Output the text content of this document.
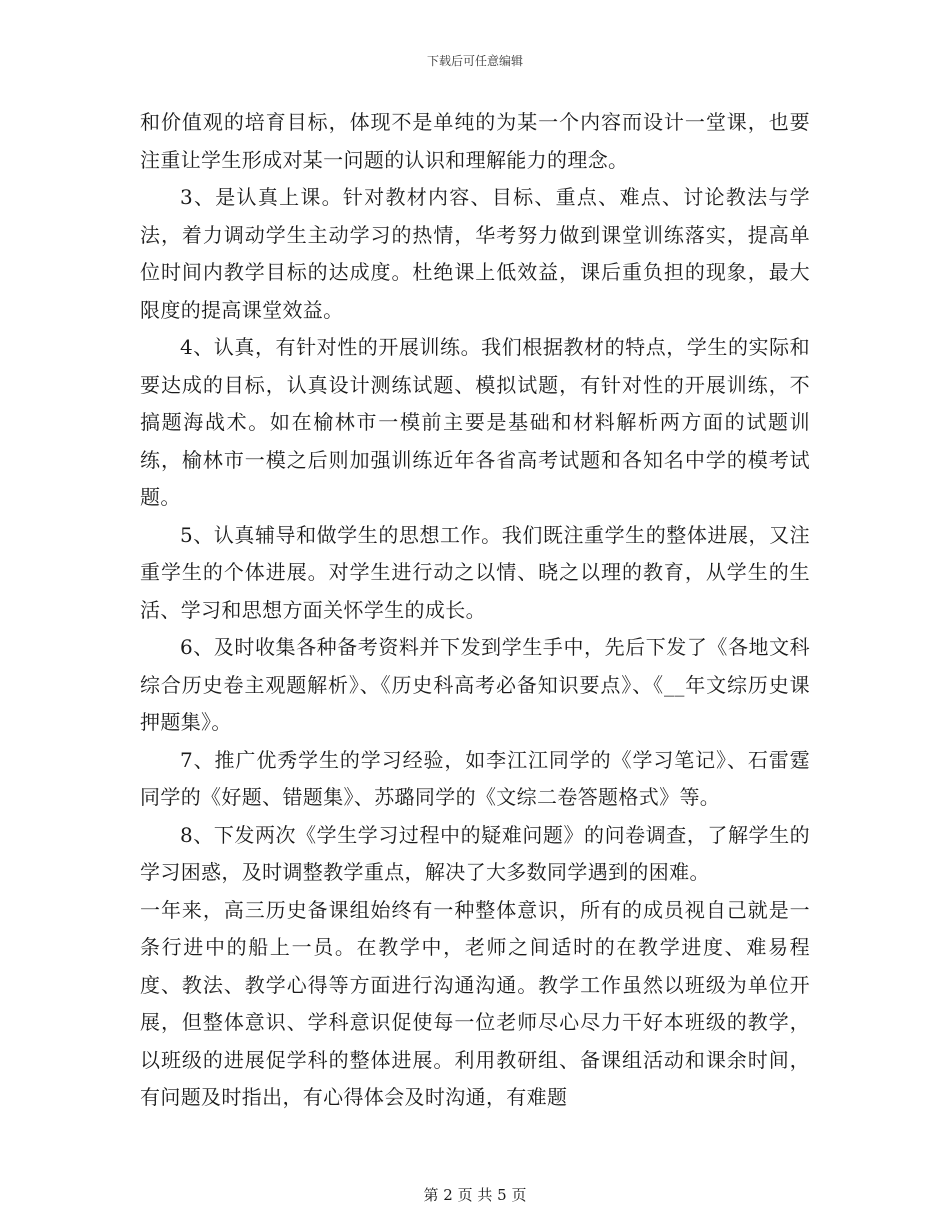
下载后可任意编辑

和价值观的培育目标，体现不是单纯的为某一个内容而设计一堂课，也要注重让学生形成对某一问题的认识和理解能力的理念。

3、是认真上课。针对教材内容、目标、重点、难点、讨论教法与学法，着力调动学生主动学习的热情，华考努力做到课堂训练落实，提高单位时间内教学目标的达成度。杜绝课上低效益，课后重负担的现象，最大限度的提高课堂效益。

4、认真，有针对性的开展训练。我们根据教材的特点，学生的实际和要达成的目标，认真设计测练试题、模拟试题，有针对性的开展训练，不搞题海战术。如在榆林市一模前主要是基础和材料解析两方面的试题训练，榆林市一模之后则加强训练近年各省高考试题和各知名中学的模考试题。

5、认真辅导和做学生的思想工作。我们既注重学生的整体进展，又注重学生的个体进展。对学生进行动之以情、晓之以理的教育，从学生的生活、学习和思想方面关怀学生的成长。

6、及时收集各种备考资料并下发到学生手中，先后下发了《各地文科综合历史卷主观题解析》、《历史科高考必备知识要点》、《__年文综历史课押题集》。

7、推广优秀学生的学习经验，如李江江同学的《学习笔记》、石雷霆同学的《好题、错题集》、苏璐同学的《文综二卷答题格式》等。

8、下发两次《学生学习过程中的疑难问题》的问卷调查，了解学生的学习困惑，及时调整教学重点，解决了大多数同学遇到的困难。

一年来，高三历史备课组始终有一种整体意识，所有的成员视自己就是一条行进中的船上一员。在教学中，老师之间适时的在教学进度、难易程度、教法、教学心得等方面进行沟通沟通。教学工作虽然以班级为单位开展，但整体意识、学科意识促使每一位老师尽心尽力干好本班级的教学，以班级的进展促学科的整体进展。利用教研组、备课组活动和课余时间，有问题及时指出，有心得体会及时沟通，有难题

第 2 页 共 5 页
